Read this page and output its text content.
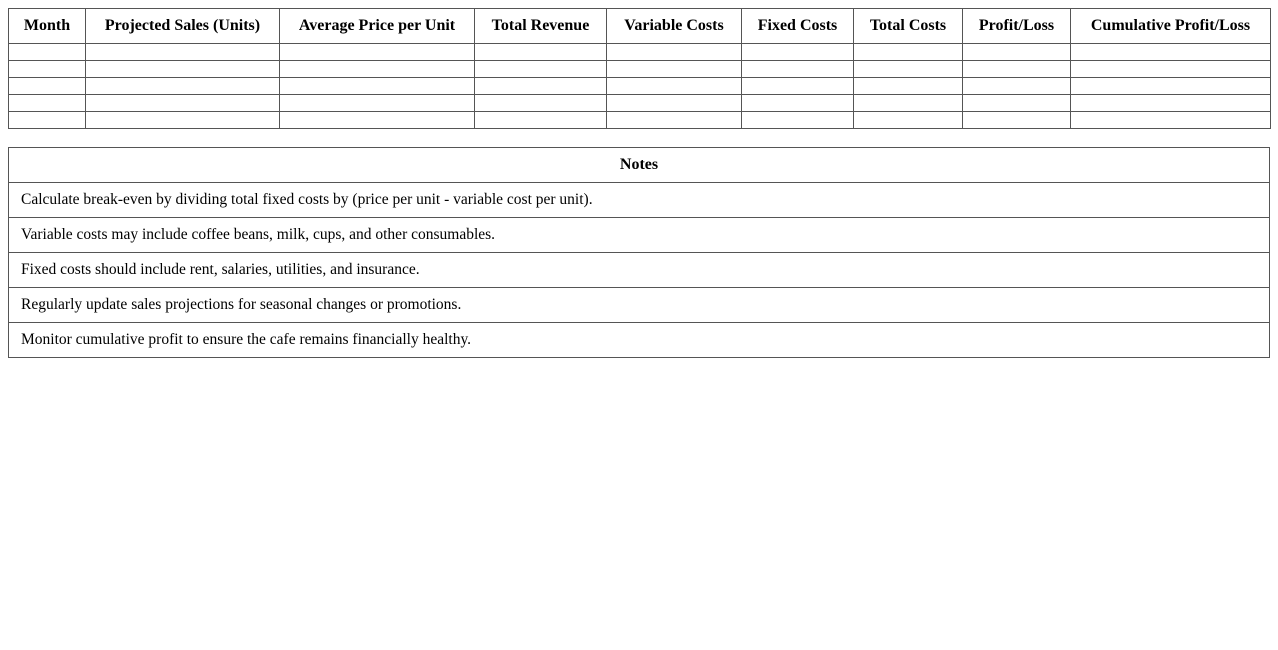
Month	Projected Sales (Units)	Average Price per Unit	Total Revenue	Variable Costs	Fixed Costs	Total Costs	Profit/Loss	Cumulative Profit/Loss

Notes
Calculate break-even by dividing total fixed costs by (price per unit - variable cost per unit).
Variable costs may include coffee beans, milk, cups, and other consumables.
Fixed costs should include rent, salaries, utilities, and insurance.
Regularly update sales projections for seasonal changes or promotions.
Monitor cumulative profit to ensure the cafe remains financially healthy.
